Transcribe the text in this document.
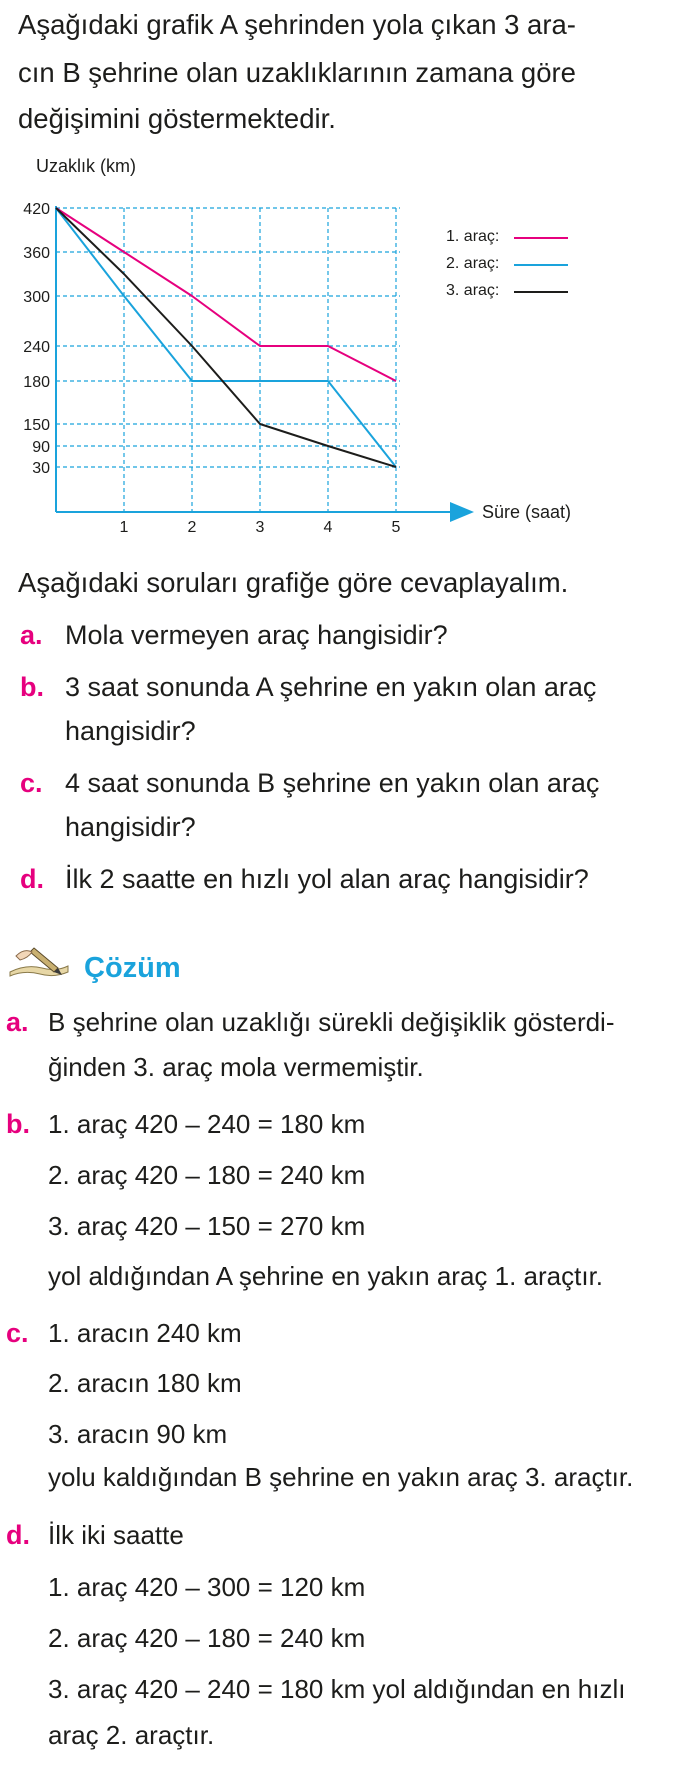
Aşağıdaki grafik A şehrinden yola çıkan 3 ara-
cın B şehrine olan uzaklıklarının zamana göre
değişimini göstermektedir.
420
360
300
240
180
150
90
30
1	2	3	4	5
1. araç:
2. araç:
3. araç:
Uzaklık (km)
Süre (saat)
Aşağıdaki soruları grafiğe göre cevaplayalım.
a. Mola vermeyen araç hangisidir?
b. 3 saat sonunda A şehrine en yakın olan araç
hangisidir?
c. 4 saat sonunda B şehrine en yakın olan araç
hangisidir?
d. İlk 2 saatte en hızlı yol alan araç hangisidir?
Çözüm
a. B şehrine olan uzaklığı sürekli değişiklik gösterdi-
ğinden 3. araç mola vermemiştir.
b. 1. araç 420 – 240 = 180 km
2. araç 420 – 180 = 240 km
3. araç 420 – 150 = 270 km
yol aldığından A şehrine en yakın araç 1. araçtır.
c. 1. aracın 240 km
2. aracın 180 km
3. aracın 90 km
yolu kaldığından B şehrine en yakın araç 3. araçtır.
d. İlk iki saatte
1. araç 420 – 300 = 120 km
2. araç 420 – 180 = 240 km
3. araç 420 – 240 = 180 km yol aldığından en hızlı
araç 2. araçtır.
